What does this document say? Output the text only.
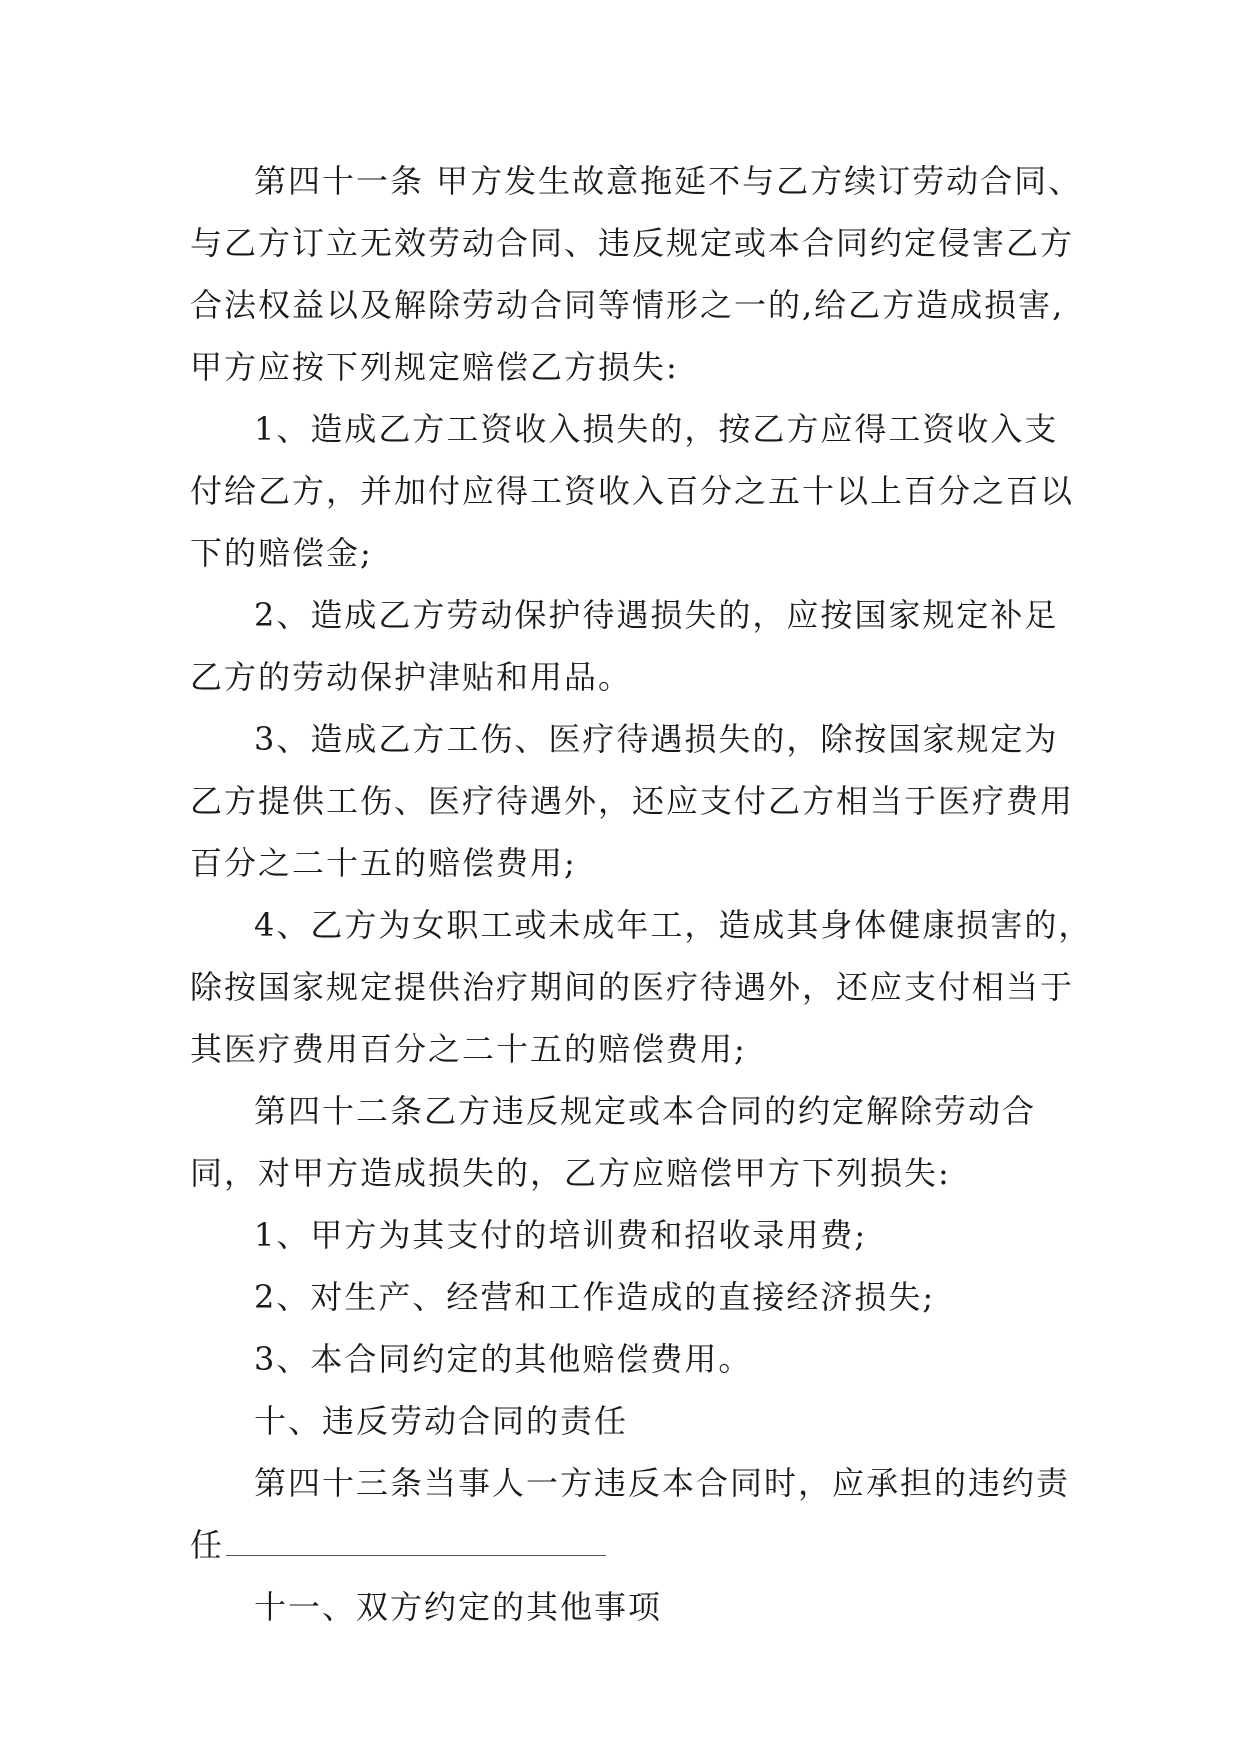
第四十一条 甲方发生故意拖延不与乙方续订劳动合同、
与乙方订立无效劳动合同、违反规定或本合同约定侵害乙方
合法权益以及解除劳动合同等情形之一的,给乙方造成损害,
甲方应按下列规定赔偿乙方损失:
1、造成乙方工资收入损失的，按乙方应得工资收入支
付给乙方，并加付应得工资收入百分之五十以上百分之百以
下的赔偿金;
2、造成乙方劳动保护待遇损失的，应按国家规定补足
乙方的劳动保护津贴和用品。
3、造成乙方工伤、医疗待遇损失的，除按国家规定为
乙方提供工伤、医疗待遇外，还应支付乙方相当于医疗费用
百分之二十五的赔偿费用;
4、乙方为女职工或未成年工，造成其身体健康损害的，
除按国家规定提供治疗期间的医疗待遇外，还应支付相当于
其医疗费用百分之二十五的赔偿费用;
第四十二条乙方违反规定或本合同的约定解除劳动合
同，对甲方造成损失的，乙方应赔偿甲方下列损失:
1、甲方为其支付的培训费和招收录用费;
2、对生产、经营和工作造成的直接经济损失;
3、本合同约定的其他赔偿费用。
十、违反劳动合同的责任
第四十三条当事人一方违反本合同时，应承担的违约责
任
十一、双方约定的其他事项
